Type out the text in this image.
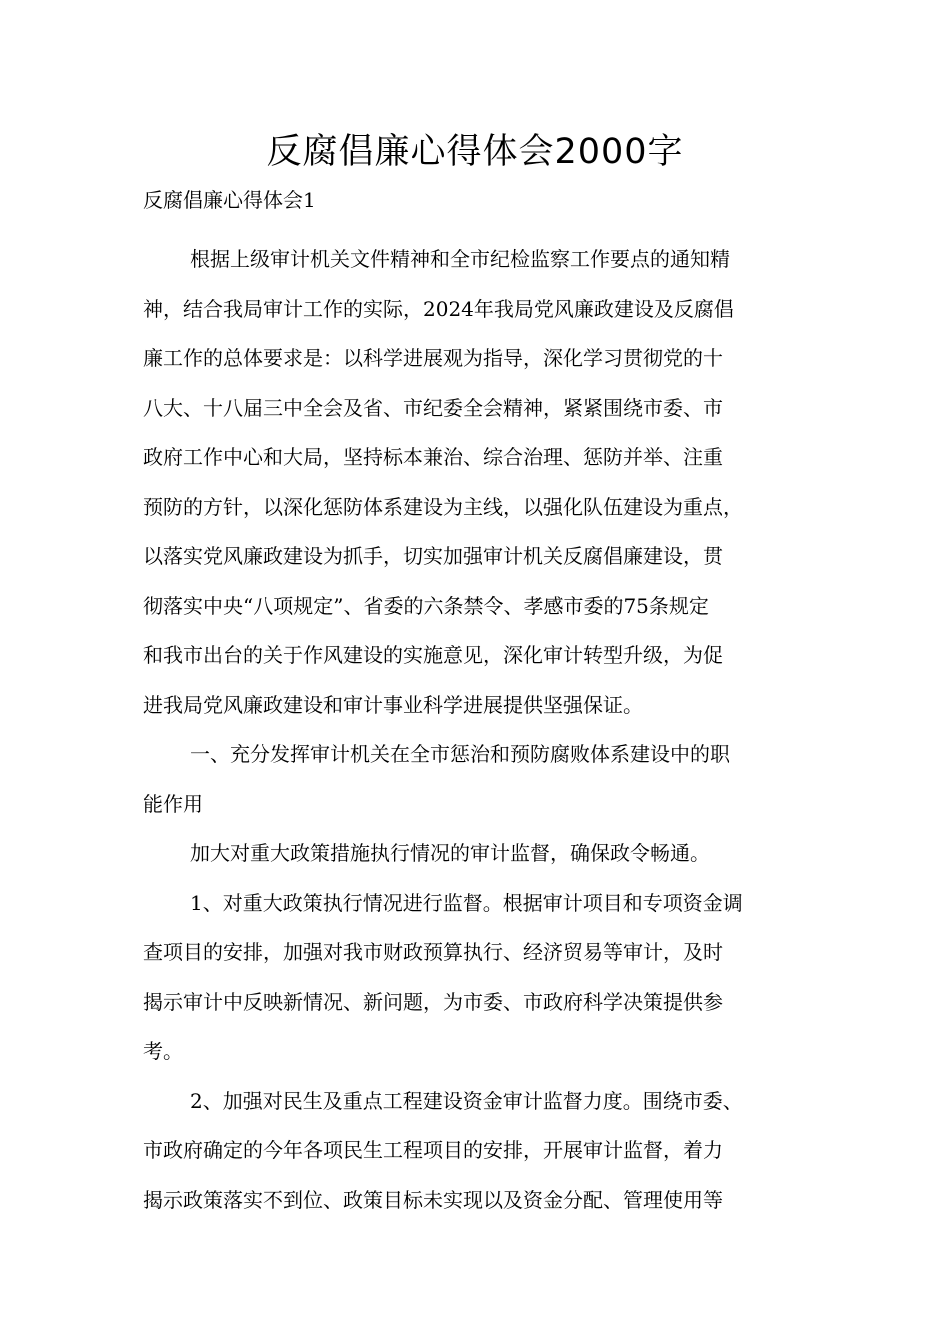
反腐倡廉心得体会2000字
反腐倡廉心得体会1
根据上级审计机关文件精神和全市纪检监察工作要点的通知精
神，结合我局审计工作的实际，2024年我局党风廉政建设及反腐倡
廉工作的总体要求是：以科学进展观为指导，深化学习贯彻党的十
八大、十八届三中全会及省、市纪委全会精神，紧紧围绕市委、市
政府工作中心和大局，坚持标本兼治、综合治理、惩防并举、注重
预防的方针，以深化惩防体系建设为主线，以强化队伍建设为重点，
以落实党风廉政建设为抓手，切实加强审计机关反腐倡廉建设，贯
彻落实中央“八项规定”、省委的六条禁令、孝感市委的75条规定
和我市出台的关于作风建设的实施意见，深化审计转型升级，为促
进我局党风廉政建设和审计事业科学进展提供坚强保证。
一、充分发挥审计机关在全市惩治和预防腐败体系建设中的职
能作用
加大对重大政策措施执行情况的审计监督，确保政令畅通。
1、对重大政策执行情况进行监督。根据审计项目和专项资金调
查项目的安排，加强对我市财政预算执行、经济贸易等审计，及时
揭示审计中反映新情况、新问题，为市委、市政府科学决策提供参
考。
2、加强对民生及重点工程建设资金审计监督力度。围绕市委、
市政府确定的今年各项民生工程项目的安排，开展审计监督，着力
揭示政策落实不到位、政策目标未实现以及资金分配、管理使用等
